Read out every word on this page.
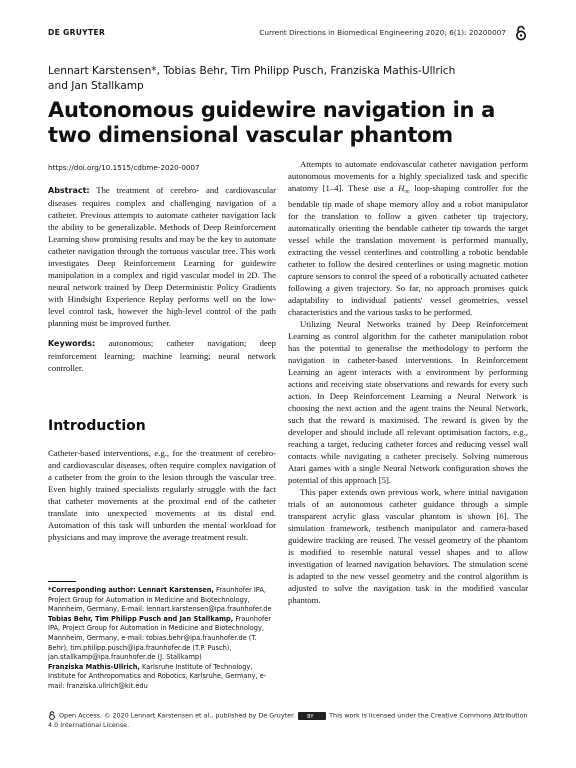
DE GRUYTER	Current Directions in Biomedical Engineering 2020; 6(1): 20200007
Lennart Karstensen*, Tobias Behr, Tim Philipp Pusch, Franziska Mathis-Ullrich and Jan Stallkamp
Autonomous guidewire navigation in a two dimensional vascular phantom
https://doi.org/10.1515/cdbme-2020-0007

Abstract: The treatment of cerebro- and cardiovascular diseases requires complex and challenging navigation of a catheter. Previous attempts to automate catheter navigation lack the ability to be generalizable. Methods of Deep Reinforcement Learning show promising results and may be the key to automate catheter navigation through the tortuous vascular tree. This work investigates Deep Reinforcement Learning for guidewire manipulation in a complex and rigid vascular model in 2D. The neural network trained by Deep Deterministic Policy Gradients with Hindsight Experience Replay performs well on the low-level control task, however the high-level control of the path planning must be improved further.

Keywords: autonomous; catheter navigation; deep reinforcement learning; machine learning; neural network controller.

Introduction

Catheter-based interventions, e.g., for the treatment of cerebro- and cardiovascular diseases, often require complex navigation of a catheter from the groin to the lesion through the vascular tree. Even highly trained specialists regularly struggle with the fact that catheter movements at the proximal end of the catheter translate into unexpected movements at its distal end. Automation of this task will unburden the mental workload for physicians and may improve the average treatment result.

*Corresponding author: Lennart Karstensen, Fraunhofer IPA, Project Group for Automation in Medicine and Biotechnology, Mannheim, Germany, E-mail: lennart.karstensen@ipa.fraunhofer.de

Tobias Behr, Tim Philipp Pusch and Jan Stallkamp, Fraunhofer IPA, Project Group for Automation in Medicine and Biotechnology, Mannheim, Germany, e-mail: tobias.behr@ipa.fraunhofer.de (T. Behr), tim.philipp.pusch@ipa.fraunhofer.de (T.P. Pusch), jan.stallkamp@ipa.fraunhofer.de (J. Stallkamp)

Franziska Mathis-Ullrich, Karlsruhe Institute of Technology, Institute for Anthropomatics and Robotics, Karlsruhe, Germany, e-mail: franziska.ullrich@kit.edu

Attempts to automate endovascular catheter navigation perform autonomous movements for a highly specialized task and specific anatomy [1–4]. These use a $H_\infty$ loop-shaping controller for the bendable tip made of shape memory alloy and a robot manipulator for the translation to follow a given catheter tip trajectory, automatically orienting the bendable catheter tip towards the target vessel while the translation movement is performed manually, extracting the vessel centerlines and controlling a robotic bendable catheter to follow the desired centerlines or using magnetic motion capture sensors to control the speed of a robotically actuated catheter following a given trajectory. So far, no approach promises quick adaptability to individual patients' vessel geometries, vessel characteristics and the various tasks to be performed.

Utilizing Neural Networks trained by Deep Reinforcement Learning as control algorithm for the catheter manipulation robot has the potential to generalise the methodology to perform the navigation in catheter-based interventions. In Reinforcement Learning an agent interacts with a environment by performing actions and receiving state observations and rewards for every such action. In Deep Reinforcement Learning a Neural Network is choosing the next action and the agent trains the Neural Network, such that the reward is maximised. The reward is given by the developer and should include all relevant optimisation factors, e.g., reaching a target, reducing catheter forces and reducing vessel wall contacts while navigating a catheter precisely. Solving numerous Atari games with a single Neural Network configuration shows the potential of this approach [5].

This paper extends own previous work, where initial navigation trials of an autonomous catheter guidance through a simple transparent acrylic glass vascular phantom is shown [6]. The simulation framework, testbench manipulator and camera-based guidewire tracking are reused. The vessel geometry of the phantom is modified to resemble natural vessel shapes and to allow investigation of learned navigation behaviors. The simulation scene is adapted to the new vessel geometry and the control algorithm is adjusted to solve the navigation task in the modified vascular phantom.

Open Access. © 2020 Lennart Karstensen et al., published by De Gruyter.BY	This work is licensed under the Creative Commons Attribution 4.0 International License.
